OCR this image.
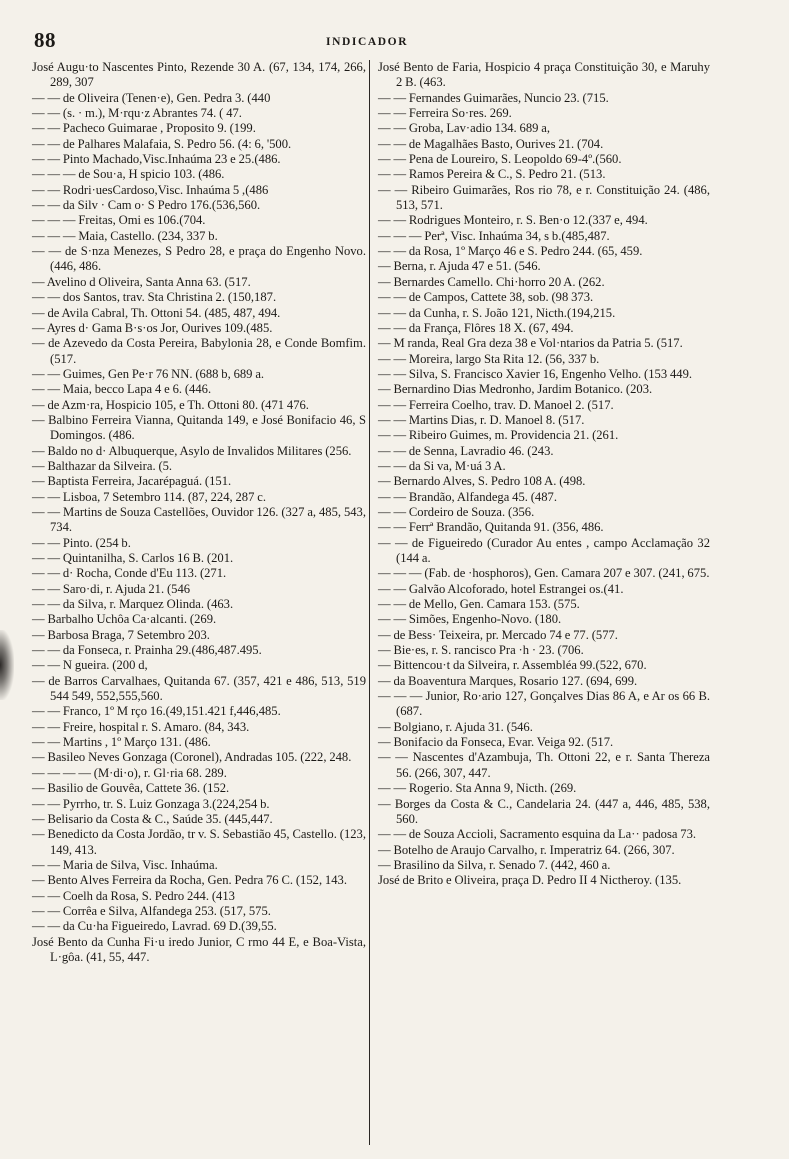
88	INDICADOR

José Augu·to Nascentes Pinto, Rezende 30 A. (67, 134, 174, 266, 289, 307

— — de Oliveira (Tenen·e), Gen. Pedra 3. (440

— — (s. · m.), M·rqu·z Abrantes 74. ( 47.

— — Pacheco Guimarae , Proposito 9. (199.

— — de Palhares Malafaia, S. Pedro 56. (4: 6, '500.

— — Pinto Machado,Visc.Inhaúma 23 e 25.(486.

— — — de Sou·a, H spicio 103. (486.

— — Rodri·uesCardoso,Visc. Inhaúma 5 ,(486

— — da Silv · Cam o· S Pedro 176.(536,560.

— — — Freitas, Omi es 106.(704.

— — — Maia, Castello. (234, 337 b.

— — de S·nza Menezes, S Pedro 28, e praça do Engenho Novo. (446, 486.

— Avelino d Oliveira, Santa Anna 63. (517.

— — dos Santos, trav. Sta Christina 2. (150,187.

— de Avila Cabral, Th. Ottoni 54. (485, 487, 494.

— Ayres d· Gama B·s·os Jor, Ourives 109.(485.

— de Azevedo da Costa Pereira, Babylonia 28, e Conde Bomfim. (517.

— — Guimes, Gen Pe·r 76 NN. (688 b, 689 a.

— — Maia, becco Lapa 4 e 6. (446.

— de Azm·ra, Hospicio 105, e Th. Ottoni 80. (471 476.

— Balbino Ferreira Vianna, Quitanda 149, e José Bonifacio 46, S Domingos. (486.

— Baldo no d· Albuquerque, Asylo de Invalidos Militares (256.

— Balthazar da Silveira. (5.

— Baptista Ferreira, Jacarépaguá. (151.

— — Lisboa, 7 Setembro 114. (87, 224, 287 c.

— — Martins de Souza Castellões, Ouvidor 126. (327 a, 485, 543, 734.

— — Pinto. (254 b.

— — Quintanilha, S. Carlos 16 B. (201.

— — d· Rocha, Conde d'Eu 113. (271.

— — Saro·di, r. Ajuda 21. (546

— — da Silva, r. Marquez Olinda. (463.

— Barbalho Uchôa Ca·alcanti. (269.

— Barbosa Braga, 7 Setembro 203.

— — da Fonseca, r. Prainha 29.(486,487.495.

— — N gueira. (200 d,

— de Barros Carvalhaes, Quitanda 67. (357, 421 e 486, 513, 519 544 549, 552,555,560.

— — Franco, 1º M rço 16.(49,151.421 f,446,485.

— — Freire, hospital r. S. Amaro. (84, 343.

— — Martins , 1º Março 131. (486.

— Basileo Neves Gonzaga (Coronel), Andradas 105. (222, 248.

— — — — (M·di·o), r. Gl·ria 68. 289.

— Basilio de Gouvêa, Cattete 36. (152.

— — Pyrrho, tr. S. Luiz Gonzaga 3.(224,254 b.

— Belisario da Costa & C., Saúde 35. (445,447.

— Benedicto da Costa Jordão, tr v. S. Sebastião 45, Castello. (123, 149, 413.

— — Maria de Silva, Visc. Inhaúma.

— Bento Alves Ferreira da Rocha, Gen. Pedra 76 C. (152, 143.

— — Coelh da Rosa, S. Pedro 244. (413

— — Corrêa e Silva, Alfandega 253. (517, 575.

— — da Cu·ha Figueiredo, Lavrad. 69 D.(39,55.

José Bento da Cunha Fi·u iredo Junior, C rmo 44 E, e Boa-Vista, L·gôa. (41, 55, 447.

José Bento de Faria, Hospicio 4 praça Constituição 30, e Maruhy 2 B. (463.

— — Fernandes Guimarães, Nuncio 23. (715.

— — Ferreira So·res. 269.

— — Groba, Lav·adio 134. 689 a,

— — de Magalhães Basto, Ourives 21. (704.

— — Pena de Loureiro, S. Leopoldo 69-4º.(560.

— — Ramos Pereira & C., S. Pedro 21. (513.

— — Ribeiro Guimarães, Ros rio 78, e r. Constituição 24. (486, 513, 571.

— — Rodrigues Monteiro, r. S. Ben·o 12.(337 e, 494.

— — — Perª, Visc. Inhaúma 34, s b.(485,487.

— — da Rosa, 1º Março 46 e S. Pedro 244. (65, 459.

— Berna, r. Ajuda 47 e 51. (546.

— Bernardes Camello. Chi·horro 20 A. (262.

— — de Campos, Cattete 38, sob. (98 373.

— — da Cunha, r. S. João 121, Nicth.(194,215.

— — da França, Flôres 18 X. (67, 494.

— M randa, Real Gra deza 38 e Vol·ntarios da Patria 5. (517.

— — Moreira, largo Sta Rita 12. (56, 337 b.

— — Silva, S. Francisco Xavier 16, Engenho Velho. (153 449.

— Bernardino Dias Medronho, Jardim Botanico. (203.

— — Ferreira Coelho, trav. D. Manoel 2. (517.

— — Martins Dias, r. D. Manoel 8. (517.

— — Ribeiro Guimes, m. Providencia 21. (261.

— — de Senna, Lavradio 46. (243.

— — da Si va, M·uá 3 A.

— Bernardo Alves, S. Pedro 108 A. (498.

— — Brandão, Alfandega 45. (487.

— — Cordeiro de Souza. (356.

— — Ferrª Brandão, Quitanda 91. (356, 486.

— — de Figueiredo (Curador Au entes , campo Acclamação 32 (144 a.

— — — (Fab. de ·hosphoros), Gen. Camara 207 e 307. (241, 675.

— — Galvão Alcoforado, hotel Estrangei os.(41.

— — de Mello, Gen. Camara 153. (575.

— — Simões, Engenho-Novo. (180.

— de Bess· Teixeira, pr. Mercado 74 e 77. (577.

— Bie·es, r. S. rancisco Pra ·h · 23. (706.

— Bittencou·t da Silveira, r. Assembléa 99.(522, 670.

— da Boaventura Marques, Rosario 127. (694, 699.

— — — Junior, Ro·ario 127, Gonçalves Dias 86 A, e Ar os 66 B. (687.

— Bolgiano, r. Ajuda 31. (546.

— Bonifacio da Fonseca, Evar. Veiga 92. (517.

— — Nascentes d'Azambuja, Th. Ottoni 22, e r. Santa Thereza 56. (266, 307, 447.

— — Rogerio. Sta Anna 9, Nicth. (269.

— Borges da Costa & C., Candelaria 24. (447 a, 446, 485, 538, 560.

— — de Souza Accioli, Sacramento esquina da La·· padosa 73.

— Botelho de Araujo Carvalho, r. Imperatriz 64. (266, 307.

— Brasilino da Silva, r. Senado 7. (442, 460 a.

José de Brito e Oliveira, praça D. Pedro II 4 Nictheroy. (135.
